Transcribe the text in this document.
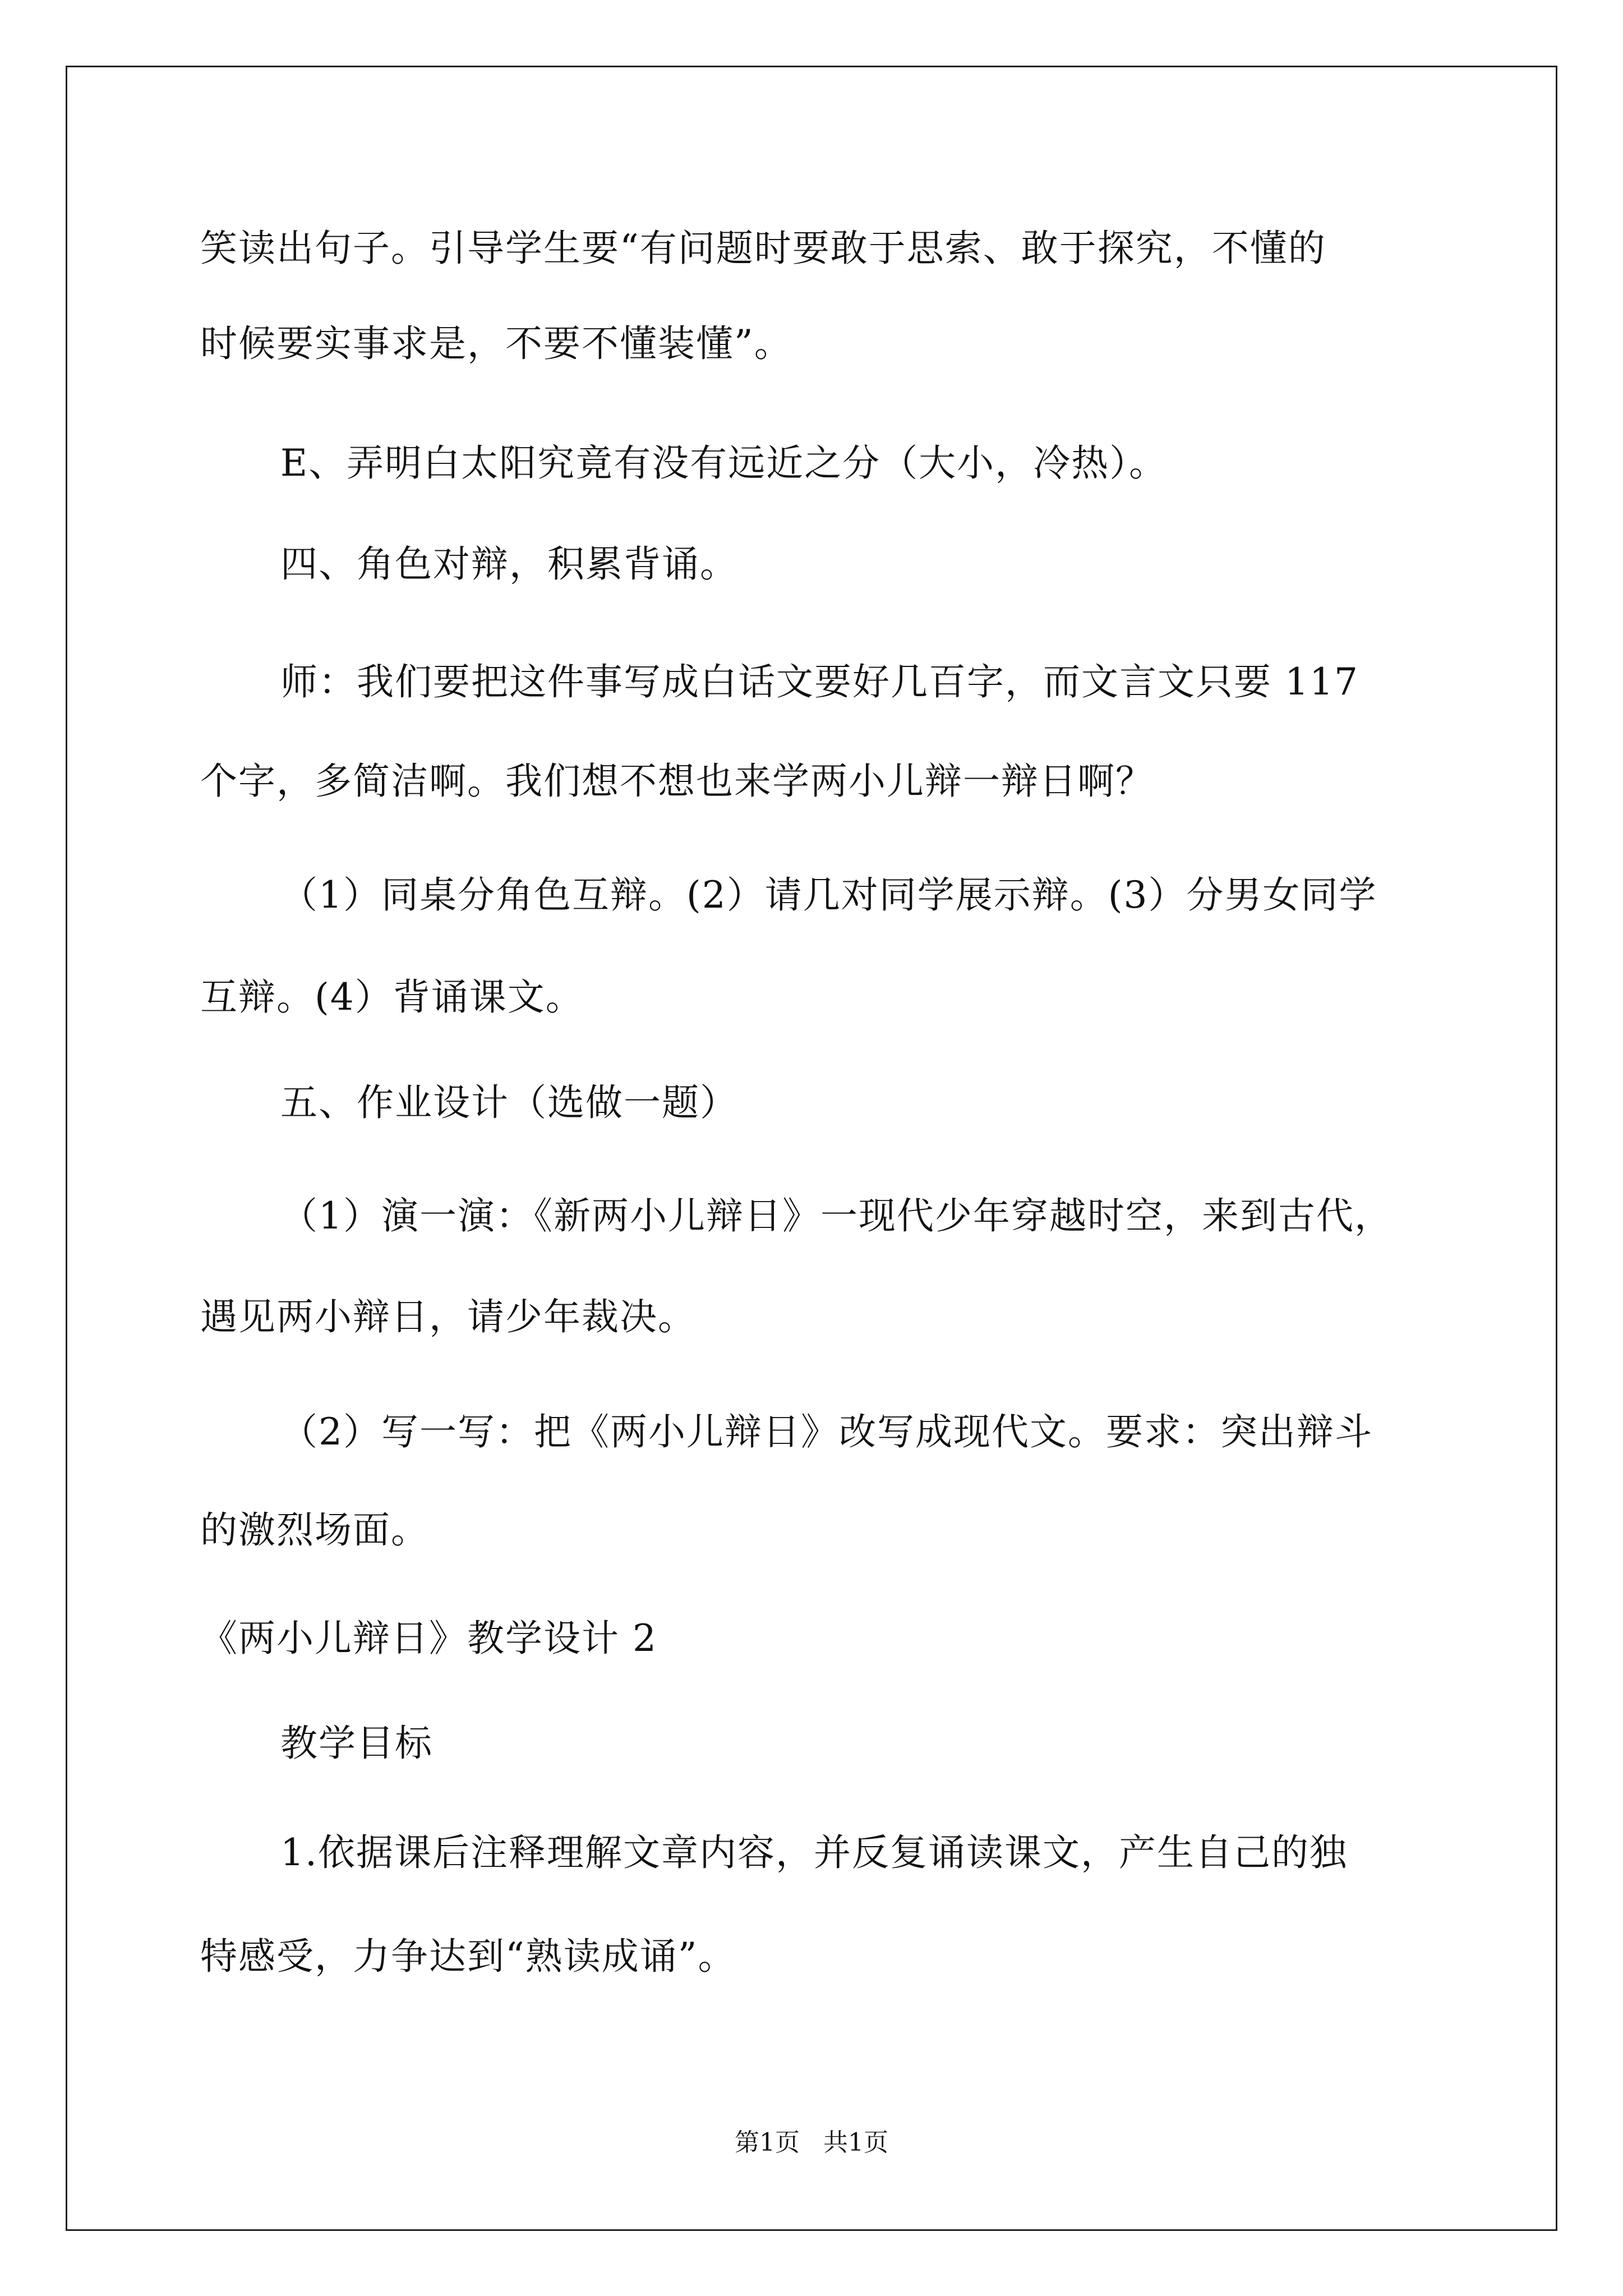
笑读出句子。引导学生要“有问题时要敢于思索、敢于探究，不懂的
时候要实事求是，不要不懂装懂”。
E、弄明白太阳究竟有没有远近之分（大小，冷热）。
四、角色对辩，积累背诵。
师：我们要把这件事写成白话文要好几百字，而文言文只要 117
个字，多简洁啊。我们想不想也来学两小儿辩一辩日啊？
（1）同桌分角色互辩。(2）请几对同学展示辩。(3）分男女同学
互辩。(4）背诵课文。
五、作业设计（选做一题）
（1）演一演：《新两小儿辩日》一现代少年穿越时空，来到古代，
遇见两小辩日，请少年裁决。
（2）写一写：把《两小儿辩日》改写成现代文。要求：突出辩斗
的激烈场面。
《两小儿辩日》教学设计 2
教学目标
1.依据课后注释理解文章内容，并反复诵读课文，产生自己的独
特感受，力争达到“熟读成诵”。
第1页   共1页
